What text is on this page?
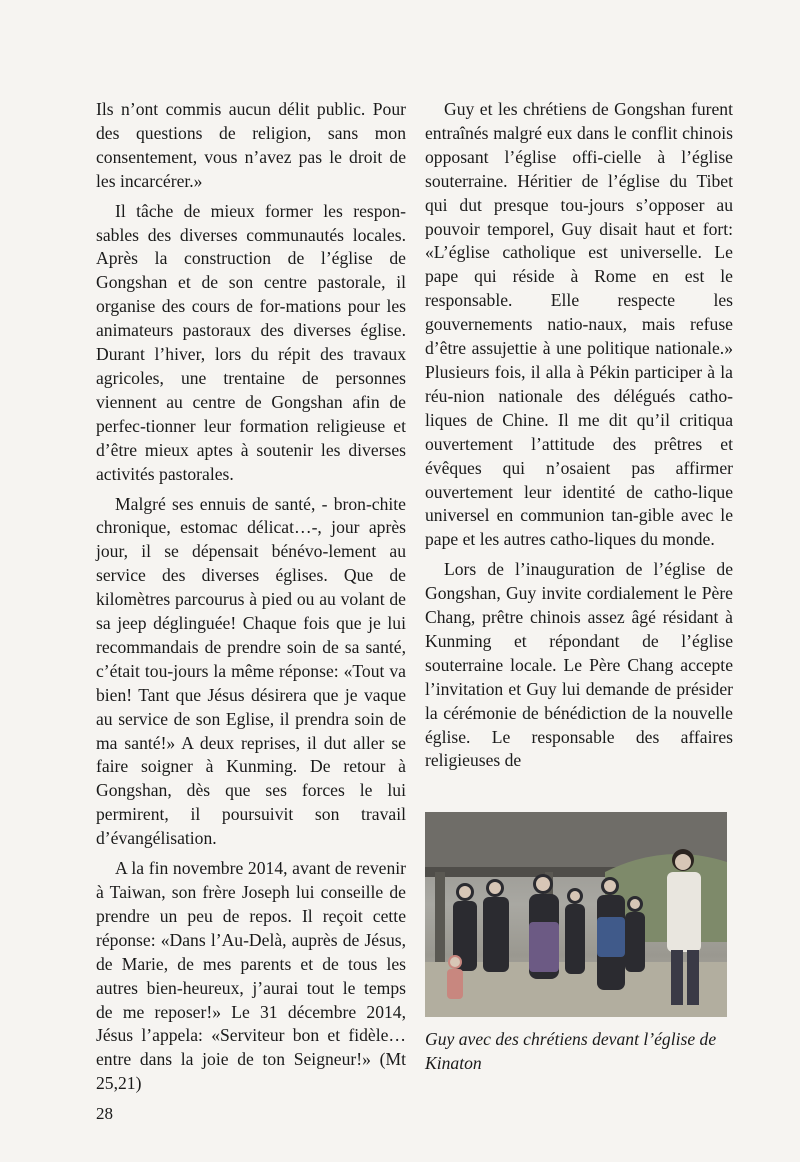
Ils n’ont commis aucun délit public. Pour des questions de religion, sans mon consentement, vous n’avez pas le droit de les incarcérer.»

Il tâche de mieux former les respon-sables des diverses communautés locales. Après la construction de l’église de Gongshan et de son centre pastorale, il organise des cours de for-mations pour les animateurs pastoraux des diverses église. Durant l’hiver, lors du répit des travaux agricoles, une trentaine de personnes viennent au centre de Gongshan afin de perfec-tionner leur formation religieuse et d’être mieux aptes à soutenir les diverses activités pastorales.

Malgré ses ennuis de santé, - bron-chite chronique, estomac délicat…-, jour après jour, il se dépensait bénévo-lement au service des diverses églises. Que de kilomètres parcourus à pied ou au volant de sa jeep déglinguée! Chaque fois que je lui recommandais de prendre soin de sa santé, c’était tou-jours la même réponse: «Tout va bien! Tant que Jésus désirera que je vaque au service de son Eglise, il prendra soin de ma santé!» A deux reprises, il dut aller se faire soigner à Kunming. De retour à Gongshan, dès que ses forces le lui permirent, il poursuivit son travail d’évangélisation.

A la fin novembre 2014, avant de revenir à Taiwan, son frère Joseph lui conseille de prendre un peu de repos. Il reçoit cette réponse: «Dans l’Au-Delà, auprès de Jésus, de Marie, de mes parents et de tous les autres bien-heureux, j’aurai tout le temps de me reposer!» Le 31 décembre 2014, Jésus l’appela: «Serviteur bon et fidèle… entre dans la joie de ton Seigneur!» (Mt 25,21)

Guy et les chrétiens de Gongshan furent entraînés malgré eux dans le conflit chinois opposant l’église offi-cielle à l’église souterraine. Héritier de l’église du Tibet qui dut presque tou-jours s’opposer au pouvoir temporel, Guy disait haut et fort: «L’église catholique est universelle. Le pape qui réside à Rome en est le responsable. Elle respecte les gouvernements natio-naux, mais refuse d’être assujettie à une politique nationale.» Plusieurs fois, il alla à Pékin participer à la réu-nion nationale des délégués catho-liques de Chine. Il me dit qu’il critiqua ouvertement l’attitude des prêtres et évêques qui n’osaient pas affirmer ouvertement leur identité de catho-lique universel en communion tan-gible avec le pape et les autres catho-liques du monde.

Lors de l’inauguration de l’église de Gongshan, Guy invite cordialement le Père Chang, prêtre chinois assez âgé résidant à Kunming et répondant de l’église souterraine locale. Le Père Chang accepte l’invitation et Guy lui demande de présider la cérémonie de bénédiction de la nouvelle église. Le responsable des affaires religieuses de

Guy avec des chrétiens devant l’église de Kinaton
28
